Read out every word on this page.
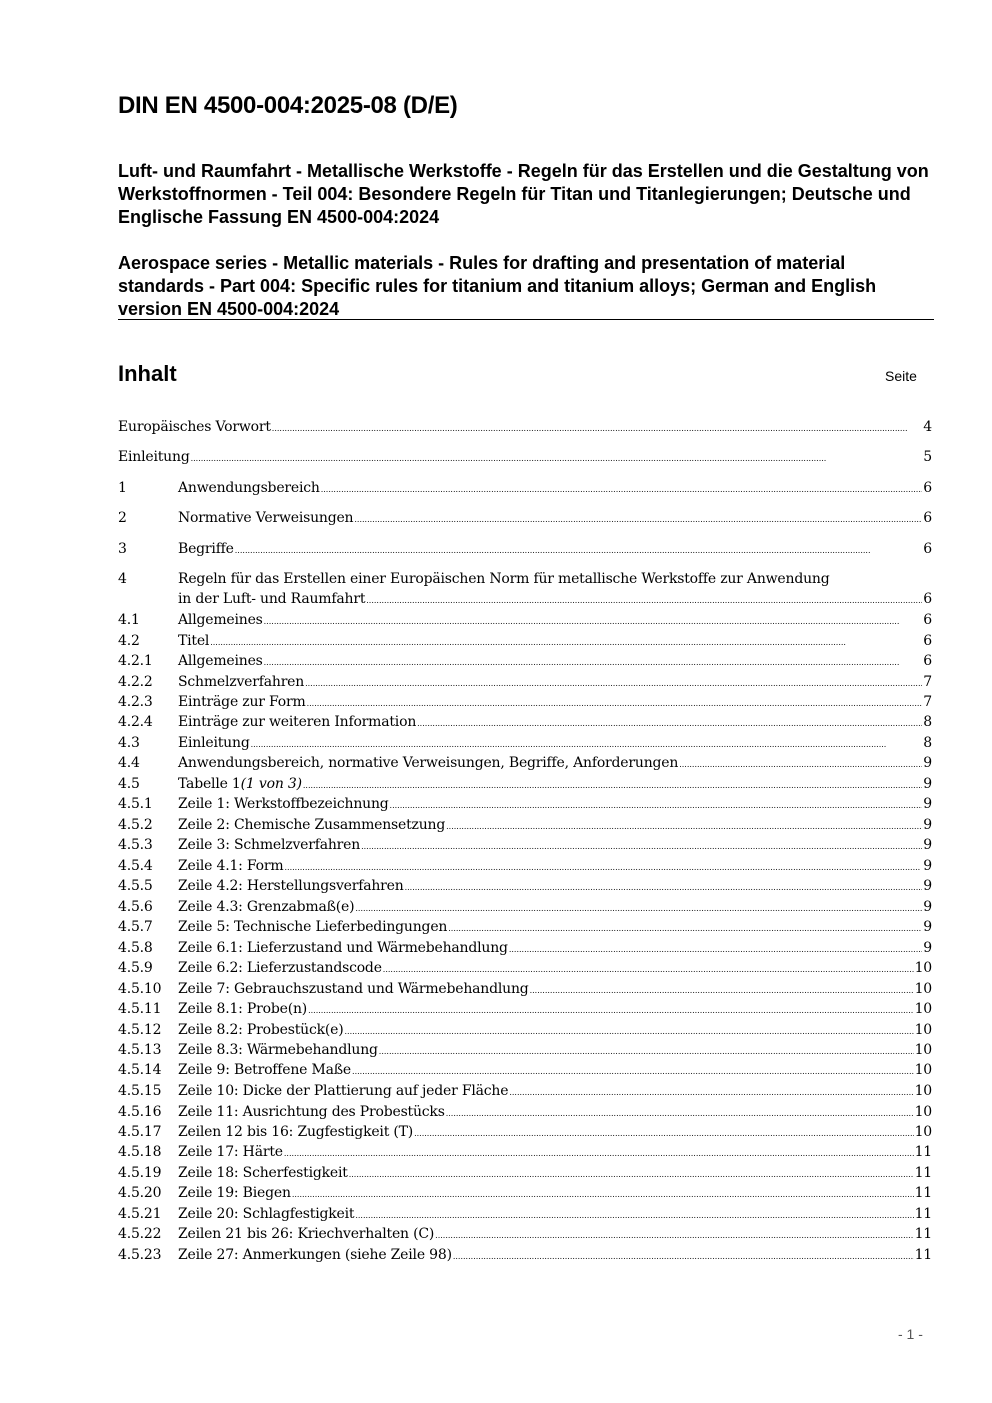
DIN EN 4500-004:2025-08 (D/E)

Luft- und Raumfahrt - Metallische Werkstoffe - Regeln für das Erstellen und die Gestaltung von Werkstoffnormen - Teil 004: Besondere Regeln für Titan und Titanlegierungen; Deutsche und Englische Fassung EN 4500-004:2024

Aerospace series - Metallic materials - Rules for drafting and presentation of material standards - Part 004: Specific rules for titanium and titanium alloys; German and English version EN 4500-004:2024

Inhalt	Seite
Europäisches Vorwort .....	4
Einleitung .....	5
1	Anwendungsbereich .....	6
2	Normative Verweisungen .....	6
3	Begriffe .....	6
4	Regeln für das Erstellen einer Europäischen Norm für metallische Werkstoffe zur Anwendung
in der Luft- und Raumfahrt .....	6
4.1	Allgemeines .....	6
4.2	Titel .....	6
4.2.1	Allgemeines .....	6
4.2.2	Schmelzverfahren .....	7
4.2.3	Einträge zur Form .....	7
4.2.4	Einträge zur weiteren Information .....	8
4.3	Einleitung .....	8
4.4	Anwendungsbereich, normative Verweisungen, Begriffe, Anforderungen .....	9
4.5	Tabelle 1 (1 von 3) .....	9
4.5.1	Zeile 1: Werkstoffbezeichnung .....	9
4.5.2	Zeile 2: Chemische Zusammensetzung .....	9
4.5.3	Zeile 3: Schmelzverfahren .....	9
4.5.4	Zeile 4.1: Form .....	9
4.5.5	Zeile 4.2: Herstellungsverfahren .....	9
4.5.6	Zeile 4.3: Grenzabmaß(e) .....	9
4.5.7	Zeile 5: Technische Lieferbedingungen .....	9
4.5.8	Zeile 6.1: Lieferzustand und Wärmebehandlung .....	9
4.5.9	Zeile 6.2: Lieferzustandscode .....	10
4.5.10	Zeile 7: Gebrauchszustand und Wärmebehandlung .....	10
4.5.11	Zeile 8.1: Probe(n) .....	10
4.5.12	Zeile 8.2: Probestück(e) .....	10
4.5.13	Zeile 8.3: Wärmebehandlung .....	10
4.5.14	Zeile 9: Betroffene Maße .....	10
4.5.15	Zeile 10: Dicke der Plattierung auf jeder Fläche .....	10
4.5.16	Zeile 11: Ausrichtung des Probestücks .....	10
4.5.17	Zeilen 12 bis 16: Zugfestigkeit (T) .....	10
4.5.18	Zeile 17: Härte .....	11
4.5.19	Zeile 18: Scherfestigkeit .....	11
4.5.20	Zeile 19: Biegen .....	11
4.5.21	Zeile 20: Schlagfestigkeit .....	11
4.5.22	Zeilen 21 bis 26: Kriechverhalten (C) .....	11
4.5.23	Zeile 27: Anmerkungen (siehe Zeile 98) .....	11
- 1 -
